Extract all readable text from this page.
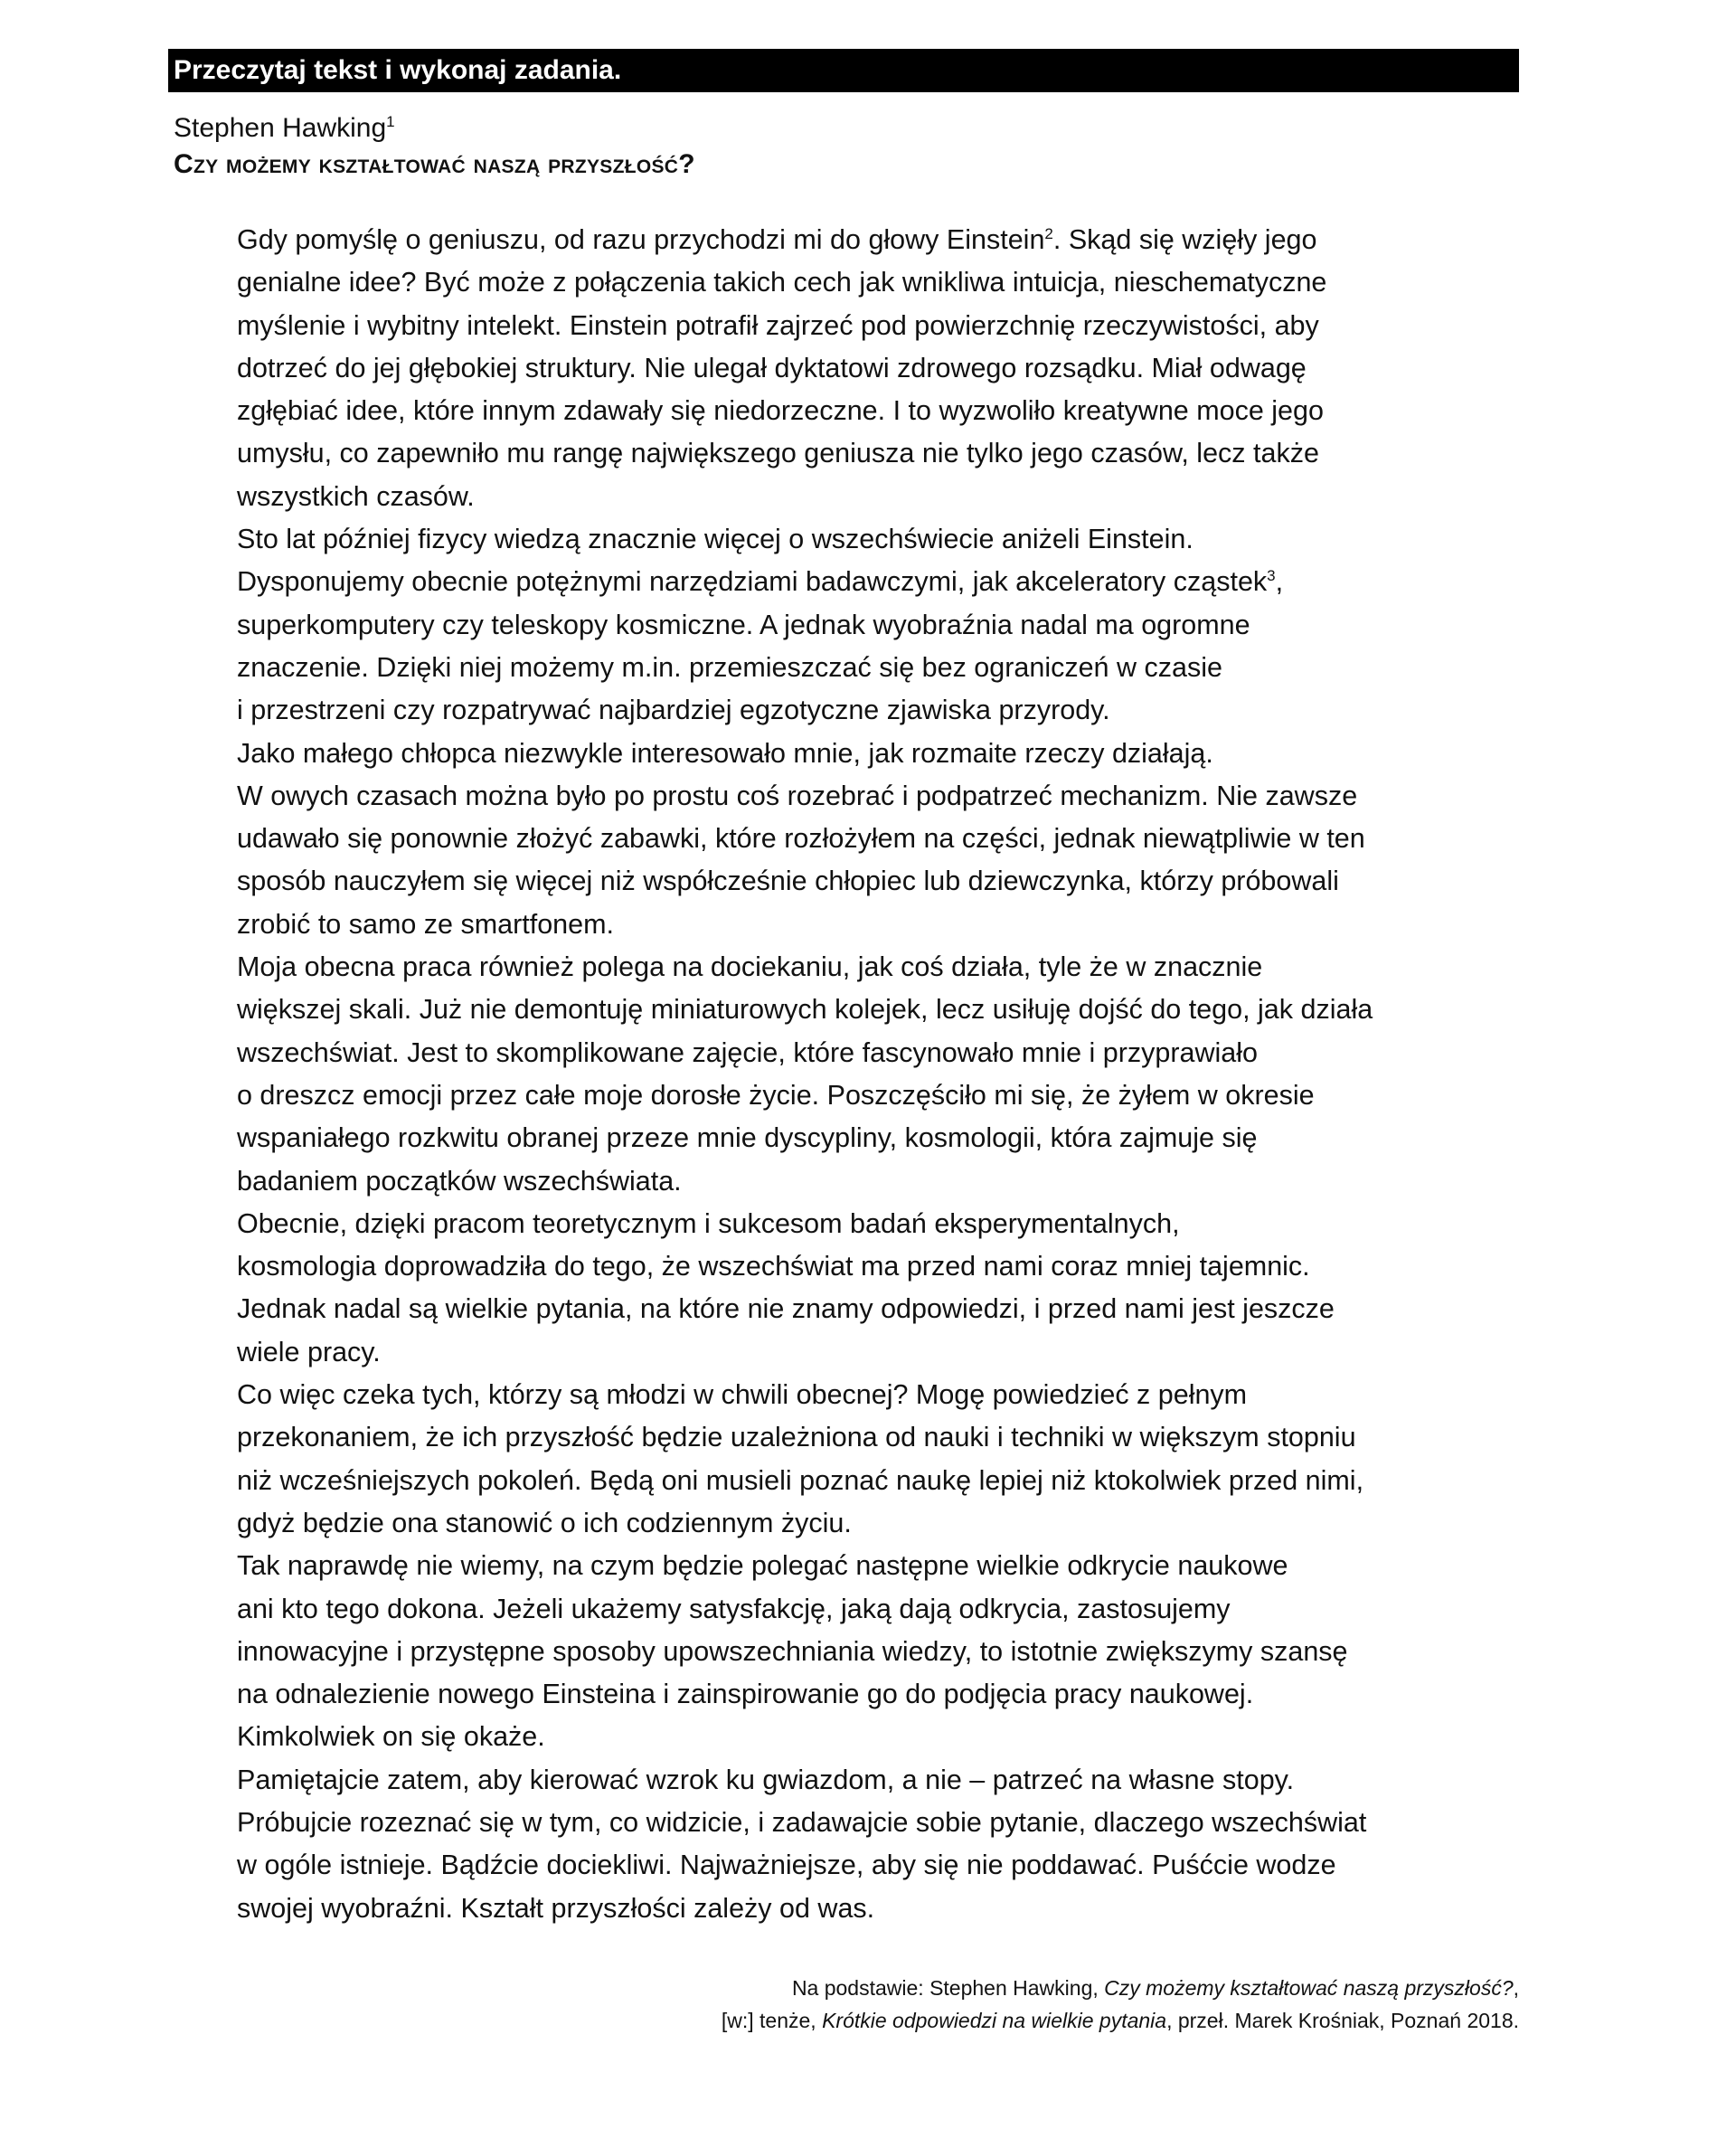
Przeczytaj tekst i wykonaj zadania.
Stephen Hawking$^1$
Czy możemy kształtować naszą przyszłość?

Gdy pomyślę o geniuszu, od razu przychodzi mi do głowy Einstein$^2$. Skąd się wzięły jego
genialne idee? Być może z połączenia takich cech jak wnikliwa intuicja, nieschematyczne
myślenie i wybitny intelekt. Einstein potrafił zajrzeć pod powierzchnię rzeczywistości, aby
dotrzeć do jej głębokiej struktury. Nie ulegał dyktatowi zdrowego rozsądku. Miał odwagę
zgłębiać idee, które innym zdawały się niedorzeczne. I to wyzwoliło kreatywne moce jego
umysłu, co zapewniło mu rangę największego geniusza nie tylko jego czasów, lecz także
wszystkich czasów.

Sto lat później fizycy wiedzą znacznie więcej o wszechświecie aniżeli Einstein.
Dysponujemy obecnie potężnymi narzędziami badawczymi, jak akceleratory cząstek$^3$,
superkomputery czy teleskopy kosmiczne. A jednak wyobraźnia nadal ma ogromne
znaczenie. Dzięki niej możemy m.in. przemieszczać się bez ograniczeń w czasie
i przestrzeni czy rozpatrywać najbardziej egzotyczne zjawiska przyrody.

Jako małego chłopca niezwykle interesowało mnie, jak rozmaite rzeczy działają.
W owych czasach można było po prostu coś rozebrać i podpatrzeć mechanizm. Nie zawsze
udawało się ponownie złożyć zabawki, które rozłożyłem na części, jednak niewątpliwie w ten
sposób nauczyłem się więcej niż współcześnie chłopiec lub dziewczynka, którzy próbowali
zrobić to samo ze smartfonem.

Moja obecna praca również polega na dociekaniu, jak coś działa, tyle że w znacznie
większej skali. Już nie demontuję miniaturowych kolejek, lecz usiłuję dojść do tego, jak działa
wszechświat. Jest to skomplikowane zajęcie, które fascynowało mnie i przyprawiało
o dreszcz emocji przez całe moje dorosłe życie. Poszczęściło mi się, że żyłem w okresie
wspaniałego rozkwitu obranej przeze mnie dyscypliny, kosmologii, która zajmuje się
badaniem początków wszechświata.

Obecnie, dzięki pracom teoretycznym i sukcesom badań eksperymentalnych,
kosmologia doprowadziła do tego, że wszechświat ma przed nami coraz mniej tajemnic.
Jednak nadal są wielkie pytania, na które nie znamy odpowiedzi, i przed nami jest jeszcze
wiele pracy.

Co więc czeka tych, którzy są młodzi w chwili obecnej? Mogę powiedzieć z pełnym
przekonaniem, że ich przyszłość będzie uzależniona od nauki i techniki w większym stopniu
niż wcześniejszych pokoleń. Będą oni musieli poznać naukę lepiej niż ktokolwiek przed nimi,
gdyż będzie ona stanowić o ich codziennym życiu.

Tak naprawdę nie wiemy, na czym będzie polegać następne wielkie odkrycie naukowe
ani kto tego dokona. Jeżeli ukażemy satysfakcję, jaką dają odkrycia, zastosujemy
innowacyjne i przystępne sposoby upowszechniania wiedzy, to istotnie zwiększymy szansę
na odnalezienie nowego Einsteina i zainspirowanie go do podjęcia pracy naukowej.
Kimkolwiek on się okaże.

Pamiętajcie zatem, aby kierować wzrok ku gwiazdom, a nie – patrzeć na własne stopy.
Próbujcie rozeznać się w tym, co widzicie, i zadawajcie sobie pytanie, dlaczego wszechświat
w ogóle istnieje. Bądźcie dociekliwi. Najważniejsze, aby się nie poddawać. Puśćcie wodze
swojej wyobraźni. Kształt przyszłości zależy od was.

Na podstawie: Stephen Hawking, Czy możemy kształtować naszą przyszłość?,
[w:] tenże, Krótkie odpowiedzi na wielkie pytania, przeł. Marek Krośniak, Poznań 2018.
